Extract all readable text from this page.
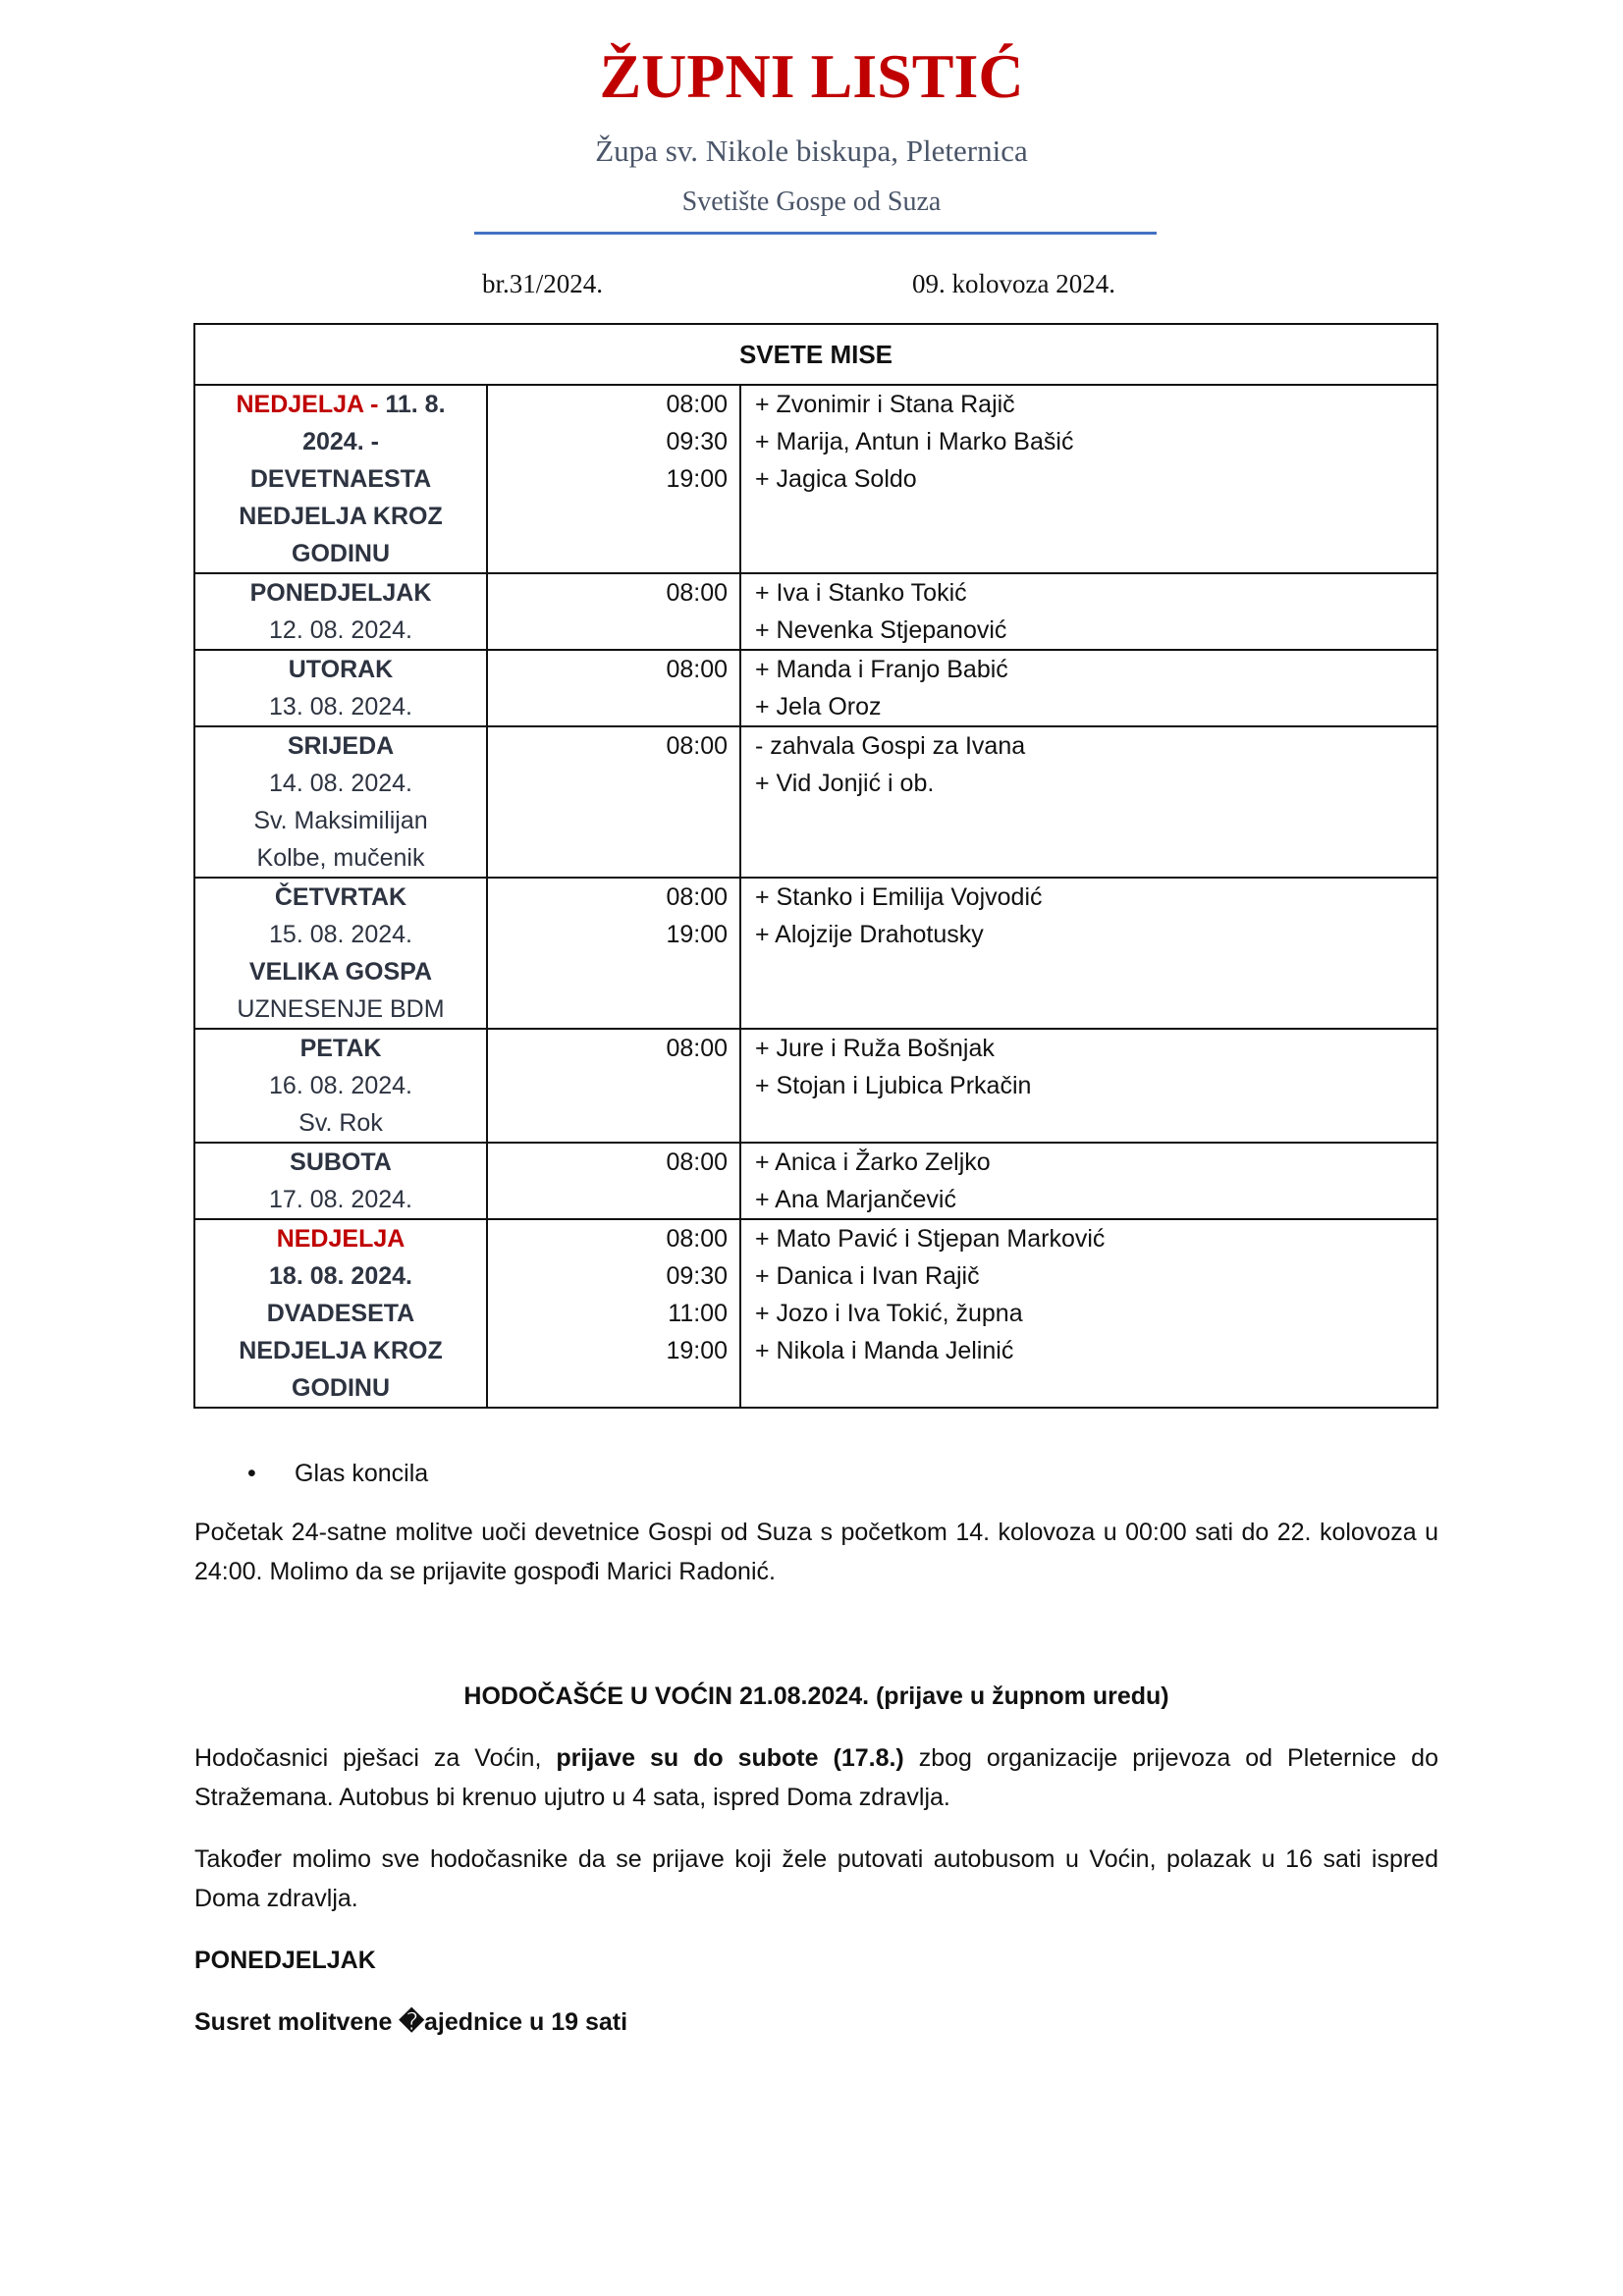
ŽUPNI LISTIĆ
Župa sv. Nikole biskupa, Pleternica
Svetište Gospe od Suza
br.31/2024.	09. kolovoza 2024.
SVETE MISE		

NEDJELJA - 11. 8.
2024. -
DEVETNAESTA
NEDJELJA KROZ
GODINU	08:00
09:30
19:00	+ Zvonimir i Stana Rajič
+ Marija, Antun i Marko Bašić
+ Jagica Soldo

PONEDJELJAK
12. 08. 2024.	08:00	+ Iva i Stanko Tokić
+ Nevenka Stjepanović

UTORAK
13. 08. 2024.	08:00	+ Manda i Franjo Babić
+ Jela Oroz

SRIJEDA
14. 08. 2024.
Sv. Maksimilijan
Kolbe, mučenik	08:00	- zahvala Gospi za Ivana
+ Vid Jonjić i ob.

ČETVRTAK
15. 08. 2024.
VELIKA GOSPA
UZNESENJE BDM	08:00
19:00	+ Stanko i Emilija Vojvodić
+ Alojzije Drahotusky

PETAK
16. 08. 2024.
Sv. Rok	08:00	+ Jure i Ruža Bošnjak
+ Stojan i Ljubica Prkačin

SUBOTA
17. 08. 2024.	08:00	+ Anica i Žarko Zeljko
+ Ana Marjančević

NEDJELJA
18. 08. 2024.
DVADESETA
NEDJELJA KROZ
GODINU	08:00
09:30
11:00
19:00	+ Mato Pavić i Stjepan Marković
+ Danica i Ivan Rajič
+ Jozo i Iva Tokić, župna
+ Nikola i Manda Jelinić
• Glas koncila
Početak 24-satne molitve uoči devetnice Gospi od Suza s početkom 14. kolovoza u 00:00 sati do 22. kolovoza u 24:00. Molimo da se prijavite gospođi Marici Radonić.
HODOČAŠĆE U VOĆIN 21.08.2024. (prijave u župnom uredu)
Hodočasnici pješaci za Voćin, prijave su do subote (17.8.) zbog organizacije prijevoza od Pleternice do Stražemana. Autobus bi krenuo ujutro u 4 sata, ispred Doma zdravlja.
Također molimo sve hodočasnike da se prijave koji žele putovati autobusom u Voćin, polazak u 16 sati ispred Doma zdravlja.
PONEDJELJAK
Susret molitvene �ajednice u 19 sati
